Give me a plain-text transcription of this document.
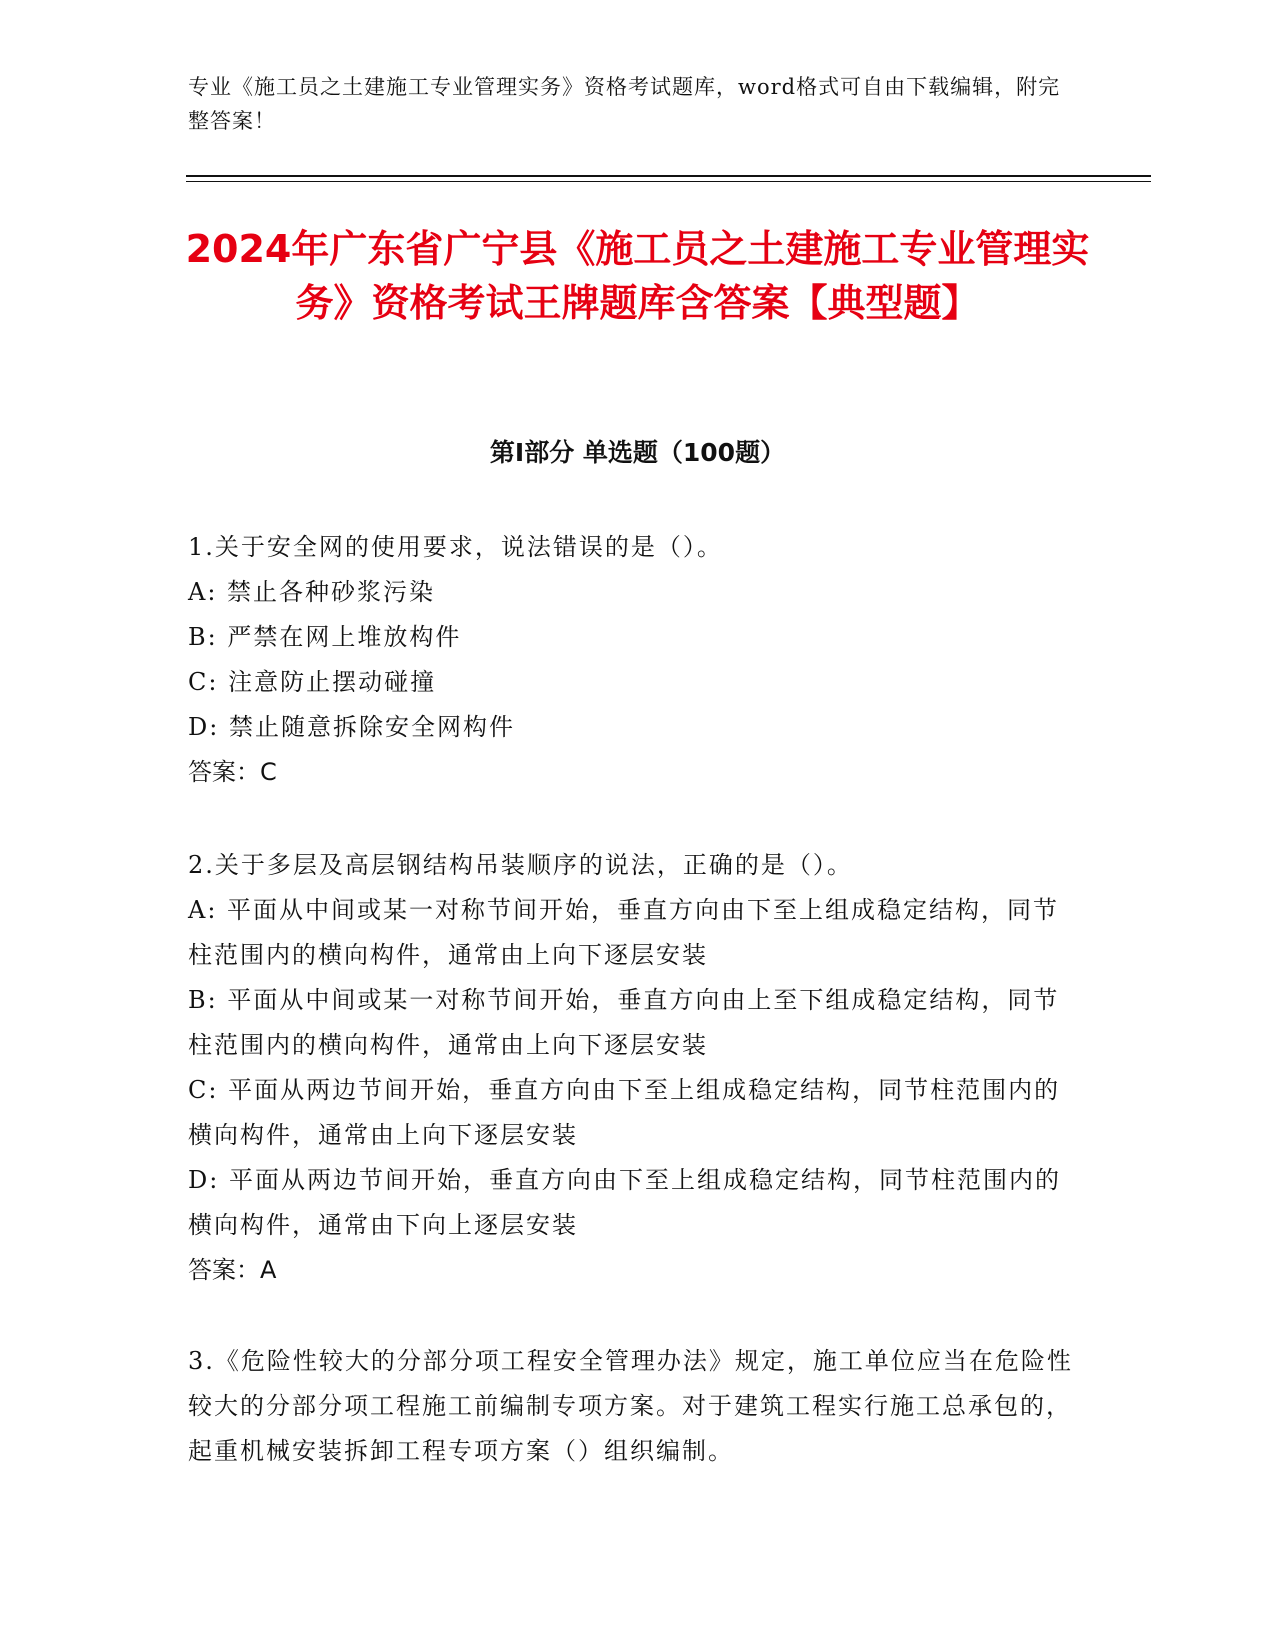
专业《施工员之土建施工专业管理实务》资格考试题库，word格式可自由下载编辑，附完整答案！
2024年广东省广宁县《施工员之土建施工专业管理实务》资格考试王牌题库含答案【典型题】
第Ⅰ部分 单选题（100题）

1.关于安全网的使用要求，说法错误的是（）。

A: 禁止各种砂浆污染

B: 严禁在网上堆放构件

C: 注意防止摆动碰撞

D: 禁止随意拆除安全网构件

答案：C

2.关于多层及高层钢结构吊装顺序的说法，正确的是（）。

A: 平面从中间或某一对称节间开始，垂直方向由下至上组成稳定结构，同节柱范围内的横向构件，通常由上向下逐层安装

B: 平面从中间或某一对称节间开始，垂直方向由上至下组成稳定结构，同节柱范围内的横向构件，通常由上向下逐层安装

C: 平面从两边节间开始，垂直方向由下至上组成稳定结构，同节柱范围内的横向构件，通常由上向下逐层安装

D: 平面从两边节间开始，垂直方向由下至上组成稳定结构，同节柱范围内的横向构件，通常由下向上逐层安装

答案：A

3.《危险性较大的分部分项工程安全管理办法》规定，施工单位应当在危险性较大的分部分项工程施工前编制专项方案。对于建筑工程实行施工总承包的，起重机械安装拆卸工程专项方案（）组织编制。
